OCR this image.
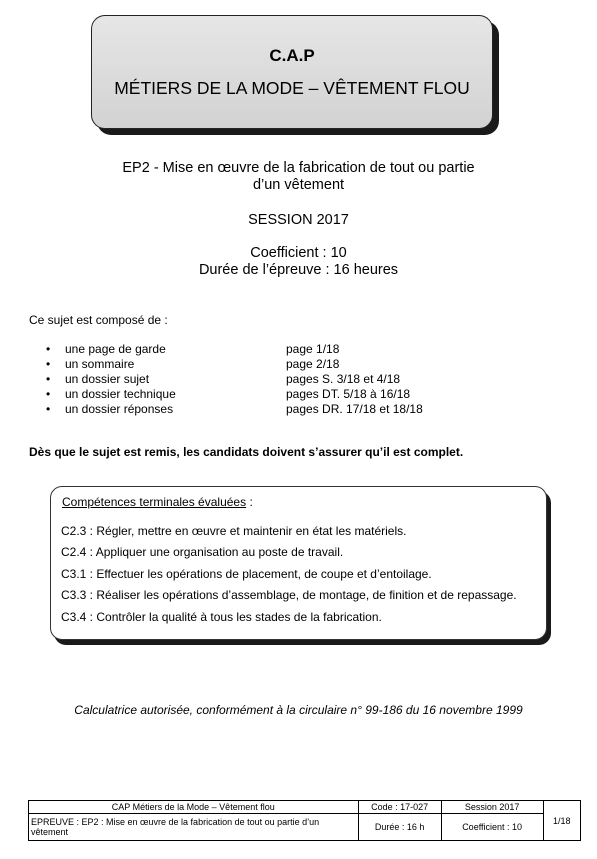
C.A.P
MÉTIERS DE LA MODE – VÊTEMENT FLOU
EP2 - Mise en œuvre de la fabrication de tout ou partie
d’un vêtement
SESSION 2017
Coefficient : 10
Durée de l’épreuve : 16 heures
Ce sujet est composé de :
• une page de garde	page 1/18
• un sommaire	page 2/18
• un dossier sujet	pages S. 3/18 et 4/18
• un dossier technique	pages DT. 5/18 à 16/18
• un dossier réponses	pages DR. 17/18 et 18/18
Dès que le sujet est remis, les candidats doivent s’assurer qu’il est complet.
Compétences terminales évaluées :
C2.3 : Régler, mettre en œuvre et maintenir en état les matériels.
C2.4 : Appliquer une organisation au poste de travail.
C3.1 : Effectuer les opérations de placement, de coupe et d’entoilage.
C3.3 : Réaliser les opérations d’assemblage, de montage, de finition et de repassage.
C3.4 : Contrôler la qualité à tous les stades de la fabrication.
Calculatrice autorisée, conformément à la circulaire n° 99-186 du 16 novembre 1999
CAP Métiers de la Mode – Vêtement flou	Code : 17-027	Session 2017	1/18
EPREUVE : EP2 : Mise en œuvre de la fabrication de tout ou partie d’un vêtement	Durée : 16 h	Coefficient : 10	
